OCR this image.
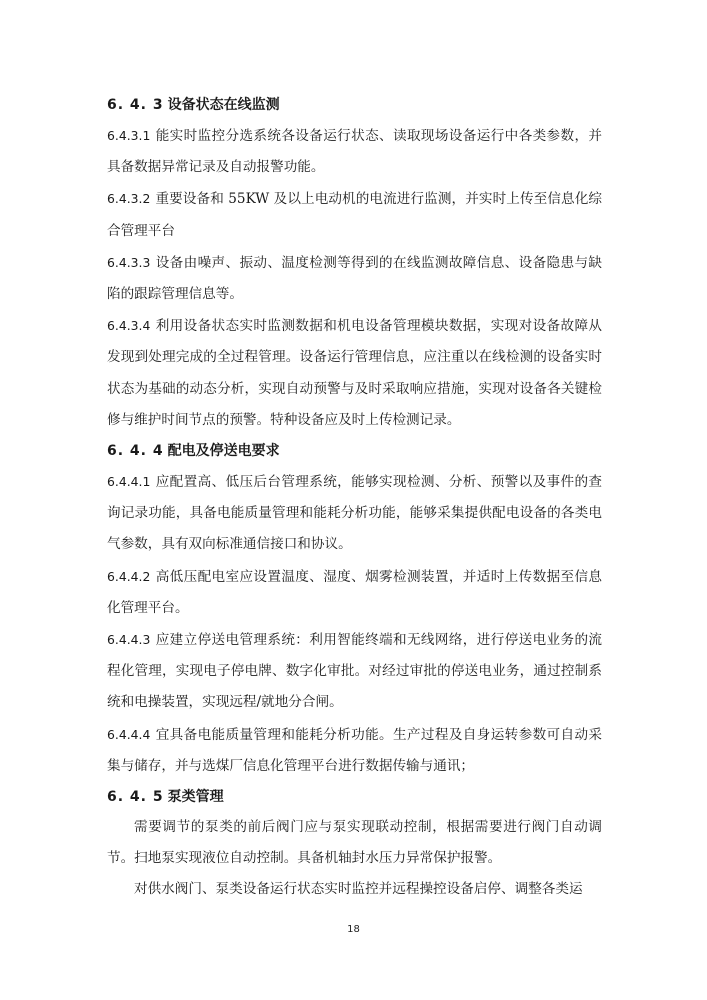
6. 4. 3 设备状态在线监测

6.4.3.1 能实时监控分选系统各设备运行状态、读取现场设备运行中各类参数，并具备数据异常记录及自动报警功能。

6.4.3.2 重要设备和 55KW 及以上电动机的电流进行监测，并实时上传至信息化综合管理平台

6.4.3.3 设备由噪声、振动、温度检测等得到的在线监测故障信息、设备隐患与缺陷的跟踪管理信息等。

6.4.3.4 利用设备状态实时监测数据和机电设备管理模块数据，实现对设备故障从发现到处理完成的全过程管理。设备运行管理信息，应注重以在线检测的设备实时状态为基础的动态分析，实现自动预警与及时采取响应措施，实现对设备各关键检修与维护时间节点的预警。特种设备应及时上传检测记录。

6. 4. 4 配电及停送电要求

6.4.4.1 应配置高、低压后台管理系统，能够实现检测、分析、预警以及事件的查询记录功能，具备电能质量管理和能耗分析功能，能够采集提供配电设备的各类电气参数，具有双向标准通信接口和协议。

6.4.4.2 高低压配电室应设置温度、湿度、烟雾检测装置，并适时上传数据至信息化管理平台。

6.4.4.3 应建立停送电管理系统：利用智能终端和无线网络，进行停送电业务的流程化管理，实现电子停电牌、数字化审批。对经过审批的停送电业务，通过控制系统和电操装置，实现远程/就地分合闸。

6.4.4.4 宜具备电能质量管理和能耗分析功能。生产过程及自身运转参数可自动采集与储存，并与选煤厂信息化管理平台进行数据传输与通讯；

6. 4. 5 泵类管理

需要调节的泵类的前后阀门应与泵实现联动控制，根据需要进行阀门自动调节。扫地泵实现液位自动控制。具备机轴封水压力异常保护报警。

对供水阀门、泵类设备运行状态实时监控并远程操控设备启停、调整各类运

18
